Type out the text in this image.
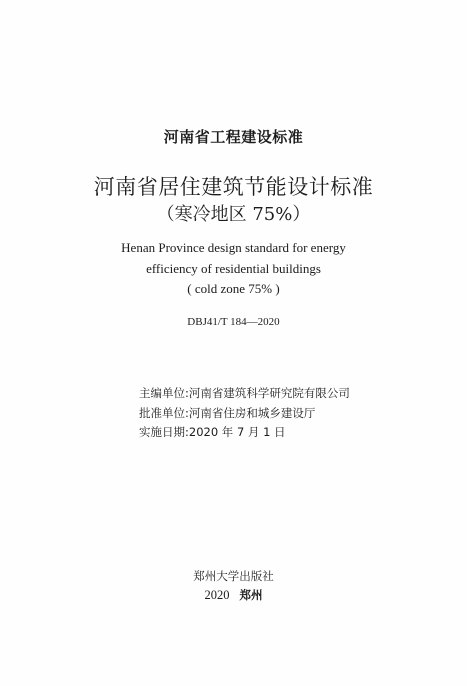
河南省工程建设标准
河南省居住建筑节能设计标准
（寒冷地区 75%）
Henan Province design standard for energy
efficiency of residential buildings
( cold zone 75% )
DBJ41/T 184—2020
主编单位:河南省建筑科学研究院有限公司
批准单位:河南省住房和城乡建设厅
实施日期:2020 年 7 月 1 日
郑州大学出版社
2020 郑州
